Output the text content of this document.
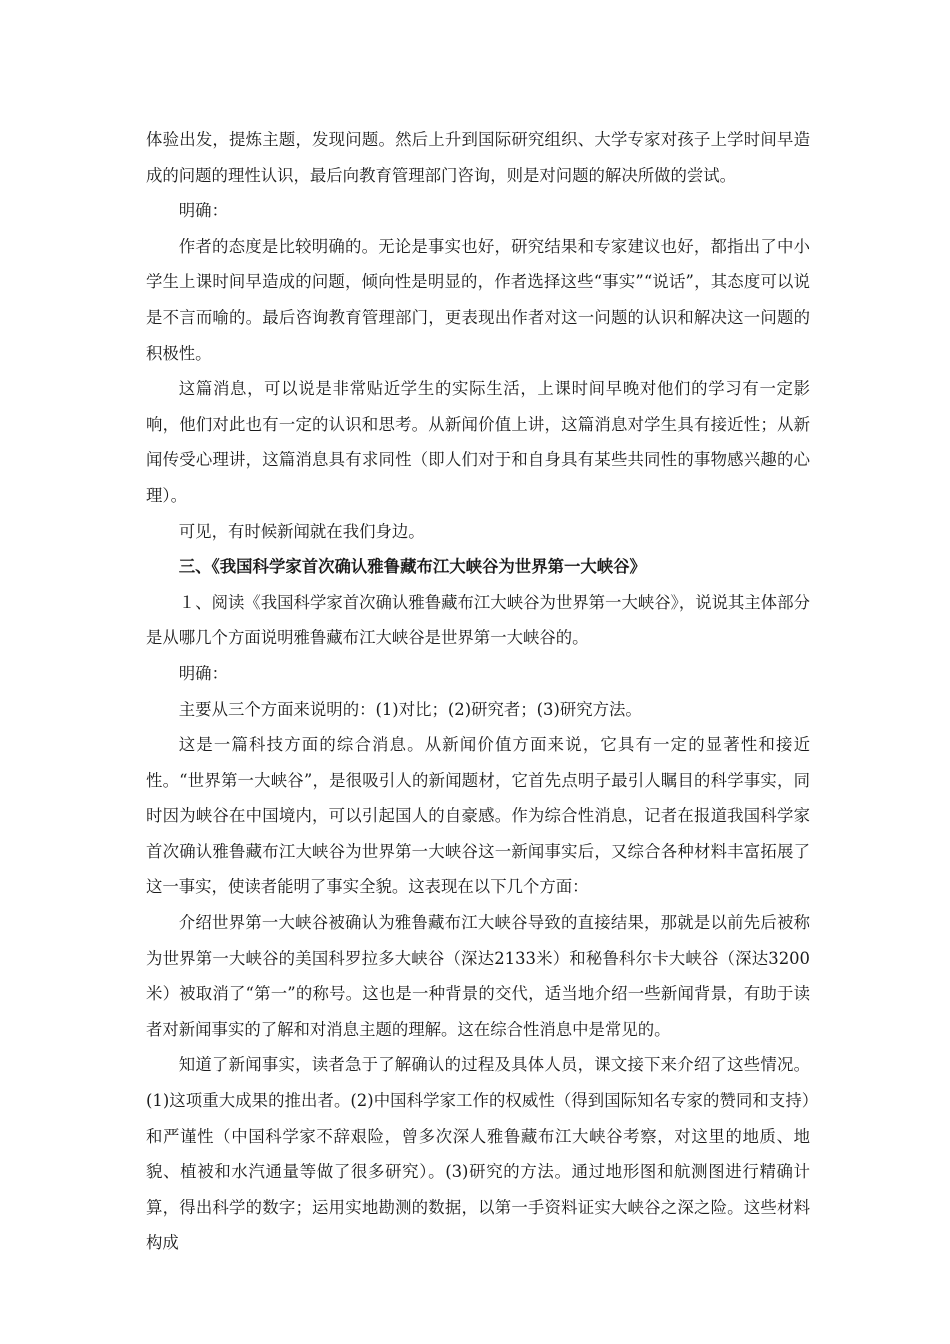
体验出发，提炼主题，发现问题。然后上升到国际研究组织、大学专家对孩子上学时间早造成的问题的理性认识，最后向教育管理部门咨询，则是对问题的解决所做的尝试。

明确：

作者的态度是比较明确的。无论是事实也好，研究结果和专家建议也好，都指出了中小学生上课时间早造成的问题，倾向性是明显的，作者选择这些“事实”“说话”，其态度可以说是不言而喻的。最后咨询教育管理部门，更表现出作者对这一问题的认识和解决这一问题的积极性。

这篇消息，可以说是非常贴近学生的实际生活，上课时间早晚对他们的学习有一定影响，他们对此也有一定的认识和思考。从新闻价值上讲，这篇消息对学生具有接近性；从新闻传受心理讲，这篇消息具有求同性（即人们对于和自身具有某些共同性的事物感兴趣的心理）。

可见，有时候新闻就在我们身边。

三、《我国科学家首次确认雅鲁藏布江大峡谷为世界第一大峡谷》

１、阅读《我国科学家首次确认雅鲁藏布江大峡谷为世界第一大峡谷》，说说其主体部分是从哪几个方面说明雅鲁藏布江大峡谷是世界第一大峡谷的。

明确：

主要从三个方面来说明的：(1)对比；(2)研究者；(3)研究方法。

这是一篇科技方面的综合消息。从新闻价值方面来说，它具有一定的显著性和接近性。“世界第一大峡谷”，是很吸引人的新闻题材，它首先点明子最引人瞩目的科学事实，同时因为峡谷在中国境内，可以引起国人的自豪感。作为综合性消息，记者在报道我国科学家首次确认雅鲁藏布江大峡谷为世界第一大峡谷这一新闻事实后，又综合各种材料丰富拓展了这一事实，使读者能明了事实全貌。这表现在以下几个方面：

介绍世界第一大峡谷被确认为雅鲁藏布江大峡谷导致的直接结果，那就是以前先后被称为世界第一大峡谷的美国科罗拉多大峡谷（深达2133米）和秘鲁科尔卡大峡谷（深达3200米）被取消了“第一”的称号。这也是一种背景的交代，适当地介绍一些新闻背景，有助于读者对新闻事实的了解和对消息主题的理解。这在综合性消息中是常见的。

知道了新闻事实，读者急于了解确认的过程及具体人员，课文接下来介绍了这些情况。(1)这项重大成果的推出者。(2)中国科学家工作的权威性（得到国际知名专家的赞同和支持）和严谨性（中国科学家不辞艰险，曾多次深人雅鲁藏布江大峡谷考察，对这里的地质、地貌、植被和水汽通量等做了很多研究）。(3)研究的方法。通过地形图和航测图进行精确计算，得出科学的数字；运用实地勘测的数据，以第一手资料证实大峡谷之深之险。这些材料构成
